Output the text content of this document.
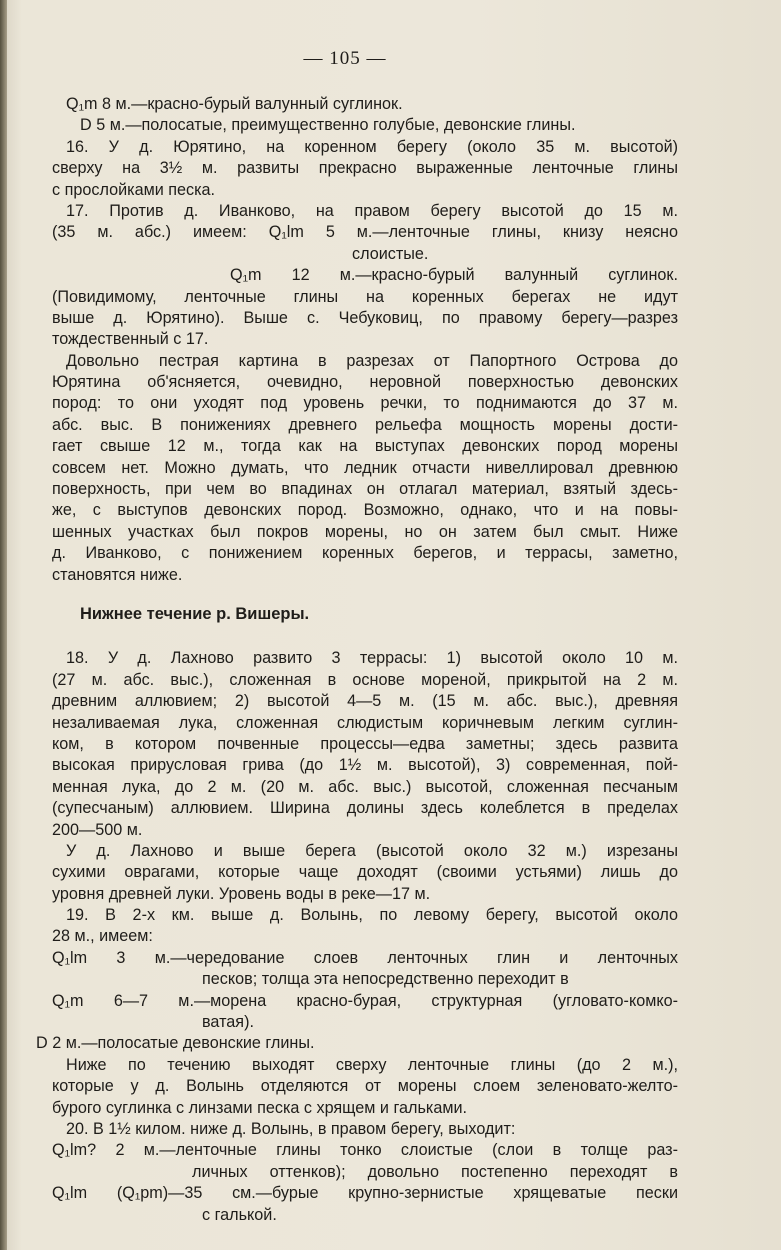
— 105 —
Q₁m 8 м.—красно-бурый валунный суглинок.
D 5 м.—полосатые, преимущественно голубые, девонские глины.
16. У д. Юрятино, на коренном берегу (около 35 м. высотой)
сверху на 3½ м. развиты прекрасно выраженные ленточные глины
с прослойками песка.
17. Против д. Иванково, на правом берегу высотой до 15 м.
(35 м. абс.) имеем: Q₁lm 5 м.—ленточные глины, книзу неясно
слоистые.
Q₁m 12 м.—красно-бурый валунный суглинок.
(Повидимому, ленточные глины на коренных берегах не идут
выше д. Юрятино). Выше с. Чебуковиц, по правому берегу—разрез
тождественный с 17.
Довольно пестрая картина в разрезах от Папортного Острова до
Юрятина об'ясняется, очевидно, неровной поверхностью девонских
пород: то они уходят под уровень речки, то поднимаются до 37 м.
абс. выс. В понижениях древнего рельефа мощность морены дости-
гает свыше 12 м., тогда как на выступах девонских пород морены
совсем нет. Можно думать, что ледник отчасти нивеллировал древнюю
поверхность, при чем во впадинах он отлагал материал, взятый здесь-
же, с выступов девонских пород. Возможно, однако, что и на повы-
шенных участках был покров морены, но он затем был смыт. Ниже
д. Иванково, с понижением коренных берегов, и террасы, заметно,
становятся ниже.
Нижнее течение р. Вишеры.
18. У д. Лахново развито 3 террасы: 1) высотой около 10 м.
(27 м. абс. выс.), сложенная в основе мореной, прикрытой на 2 м.
древним аллювием; 2) высотой 4—5 м. (15 м. абс. выс.), древняя
незаливаемая лука, сложенная слюдистым коричневым легким суглин-
ком, в котором почвенные процессы—едва заметны; здесь развита
высокая прирусловая грива (до 1½ м. высотой), 3) современная, пой-
менная лука, до 2 м. (20 м. абс. выс.) высотой, сложенная песчаным
(супесчаным) аллювием. Ширина долины здесь колеблется в пределах
200—500 м.
У д. Лахново и выше берега (высотой около 32 м.) изрезаны
сухими оврагами, которые чаще доходят (своими устьями) лишь до
уровня древней луки. Уровень воды в реке—17 м.
19. В 2-х км. выше д. Волынь, по левому берегу, высотой около
28 м., имеем:
Q₁lm 3 м.—чередование слоев ленточных глин и ленточных
песков; толща эта непосредственно переходит в
Q₁m 6—7 м.—морена красно-бурая, структурная (угловато-комко-
ватая).
D 2 м.—полосатые девонские глины.
Ниже по течению выходят сверху ленточные глины (до 2 м.),
которые у д. Волынь отделяются от морены слоем зеленовато-желто-
бурого суглинка с линзами песка с хрящем и гальками.
20. В 1½ килом. ниже д. Волынь, в правом берегу, выходит:
Q₁lm? 2 м.—ленточные глины тонко слоистые (слои в толще раз-
личных оттенков); довольно постепенно переходят в
Q₁lm (Q₁pm)—35 см.—бурые крупно-зернистые хрящеватые пески
с галькой.
